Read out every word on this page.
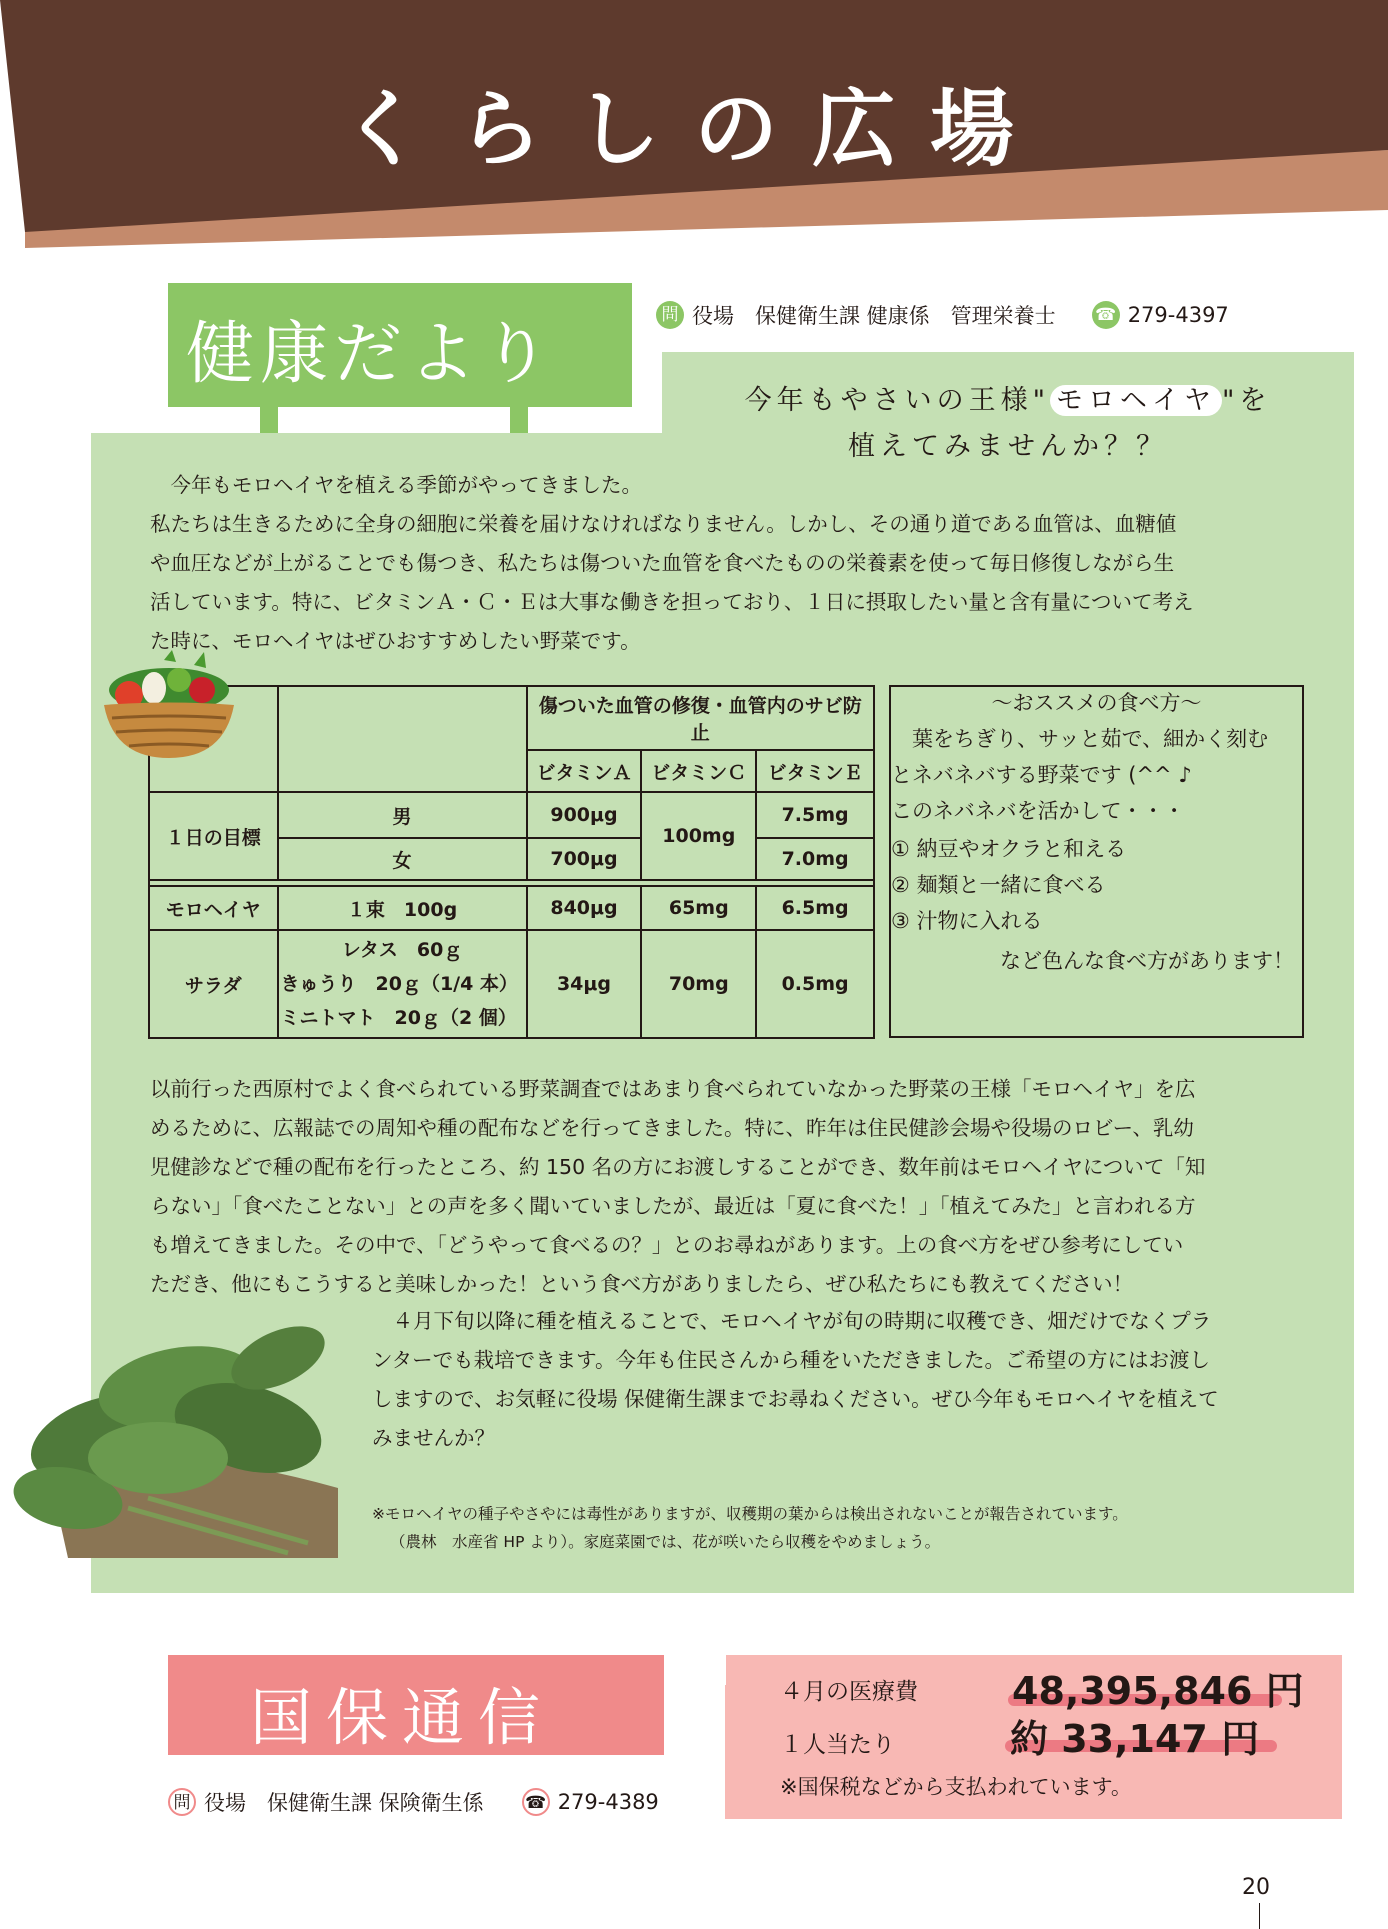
くらしの広場
健康だより	問 役場　保健衛生課 健康係　管理栄養士 ☎ 279-4397
今年もやさいの王様" モロヘイヤ "を
植えてみませんか？？
　今年もモロヘイヤを植える季節がやってきました。
私たちは生きるために全身の細胞に栄養を届けなければなりません。しかし、その通り道である血管は、血糖値
や血圧などが上がることでも傷つき、私たちは傷ついた血管を食べたものの栄養素を使って毎日修復しながら生
活しています。特に、ビタミンＡ・Ｃ・Ｅは大事な働きを担っており、１日に摂取したい量と含有量について考え
た時に、モロヘイヤはぜひおすすめしたい野菜です。
		傷ついた血管の修復・血管内のサビ防止		
		ビタミンＡ	ビタミンＣ	ビタミンＥ
１日の目標	男	900μg	100mg	7.5mg
	女	700μg		7.0mg

モロヘイヤ	１束　100g	840μg	65mg	6.5mg
サラダ	レタス　60ｇ
きゅうり　20ｇ（1/4 本）
ミニトマト　20ｇ（2 個）	34μg	70mg	0.5mg
～おススメの食べ方～
　葉をちぎり、サッと茹で、細かく刻む
とネバネバする野菜です (^^ ♪
このネバネバを活かして・・・
① 納豆やオクラと和える
② 麺類と一緒に食べる
③ 汁物に入れる
など色んな食べ方があります！
以前行った西原村でよく食べられている野菜調査ではあまり食べられていなかった野菜の王様「モロヘイヤ」を広
めるために、広報誌での周知や種の配布などを行ってきました。特に、昨年は住民健診会場や役場のロビー、乳幼
児健診などで種の配布を行ったところ、約 150 名の方にお渡しすることができ、数年前はモロヘイヤについて「知
らない」「食べたことない」との声を多く聞いていましたが、最近は「夏に食べた！」「植えてみた」と言われる方
も増えてきました。その中で、「どうやって食べるの？」とのお尋ねがあります。上の食べ方をぜひ参考にしてい
ただき、他にもこうすると美味しかった！という食べ方がありましたら、ぜひ私たちにも教えてください！
　４月下旬以降に種を植えることで、モロヘイヤが旬の時期に収穫でき、畑だけでなくプラ
ンターでも栽培できます。今年も住民さんから種をいただきました。ご希望の方にはお渡し
しますので、お気軽に役場 保健衛生課までお尋ねください。ぜひ今年もモロヘイヤを植えて
みませんか？
※モロヘイヤの種子やさやには毒性がありますが、収穫期の葉からは検出されないことが報告されています。
（農林　水産省 HP より）。家庭菜園では、花が咲いたら収穫をやめましょう。
国保通信
問 役場　保健衛生課 保険衛生係 ☎ 279-4389
４月の医療費 48,395,846 円
１人当たり	約 33,147 円
※国保税などから支払われています。
20
